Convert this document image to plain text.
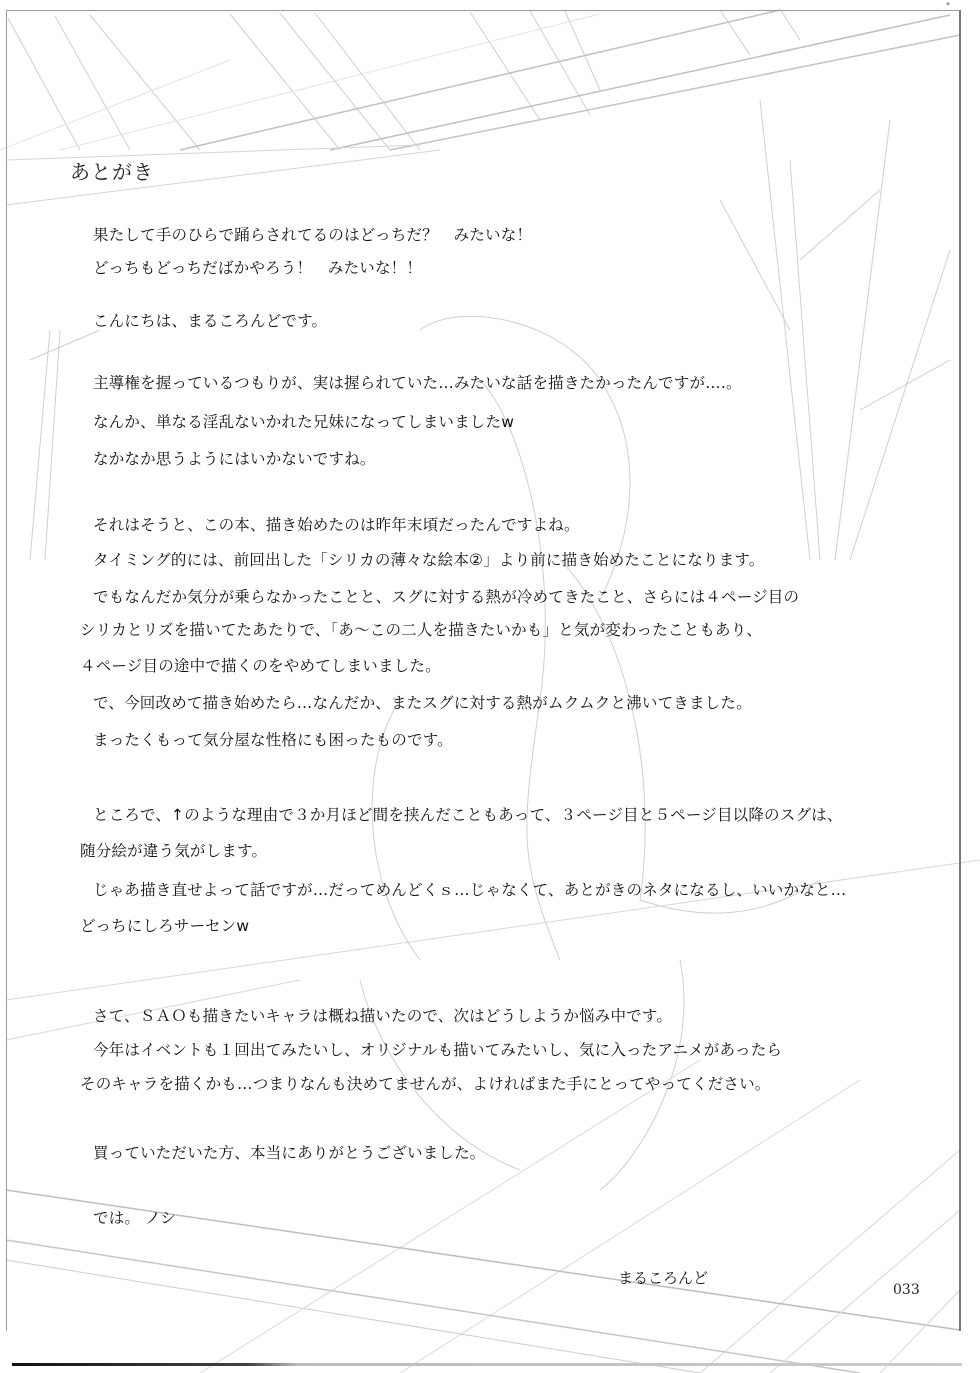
"
あとがき
果たして手のひらで踊らされてるのはどっちだ？　みたいな！
どっちもどっちだばかやろう！　みたいな！！
こんにちは、まるころんどです。
主導権を握っているつもりが、実は握られていた…みたいな話を描きたかったんですが….。
なんか、単なる淫乱ないかれた兄妹になってしまいましたw
なかなか思うようにはいかないですね。
それはそうと、この本、描き始めたのは昨年末頃だったんですよね。
タイミング的には、前回出した「シリカの薄々な絵本②」より前に描き始めたことになります。
でもなんだか気分が乗らなかったことと、スグに対する熱が冷めてきたこと、さらには４ページ目の
シリカとリズを描いてたあたりで、「あ～この二人を描きたいかも」と気が変わったこともあり、
４ページ目の途中で描くのをやめてしまいました。
で、今回改めて描き始めたら…なんだか、またスグに対する熱がムクムクと沸いてきました。
まったくもって気分屋な性格にも困ったものです。
ところで、↑のような理由で３か月ほど間を挟んだこともあって、３ページ目と５ページ目以降のスグは、
随分絵が違う気がします。
じゃあ描き直せよって話ですが…だってめんどくｓ…じゃなくて、あとがきのネタになるし、いいかなと…
どっちにしろサーセンw
さて、ＳＡＯも描きたいキャラは概ね描いたので、次はどうしようか悩み中です。
今年はイベントも１回出てみたいし、オリジナルも描いてみたいし、気に入ったアニメがあったら
そのキャラを描くかも…つまりなんも決めてませんが、よければまた手にとってやってください。
買っていただいた方、本当にありがとうございました。
では。 ノシ
まるころんど
033
